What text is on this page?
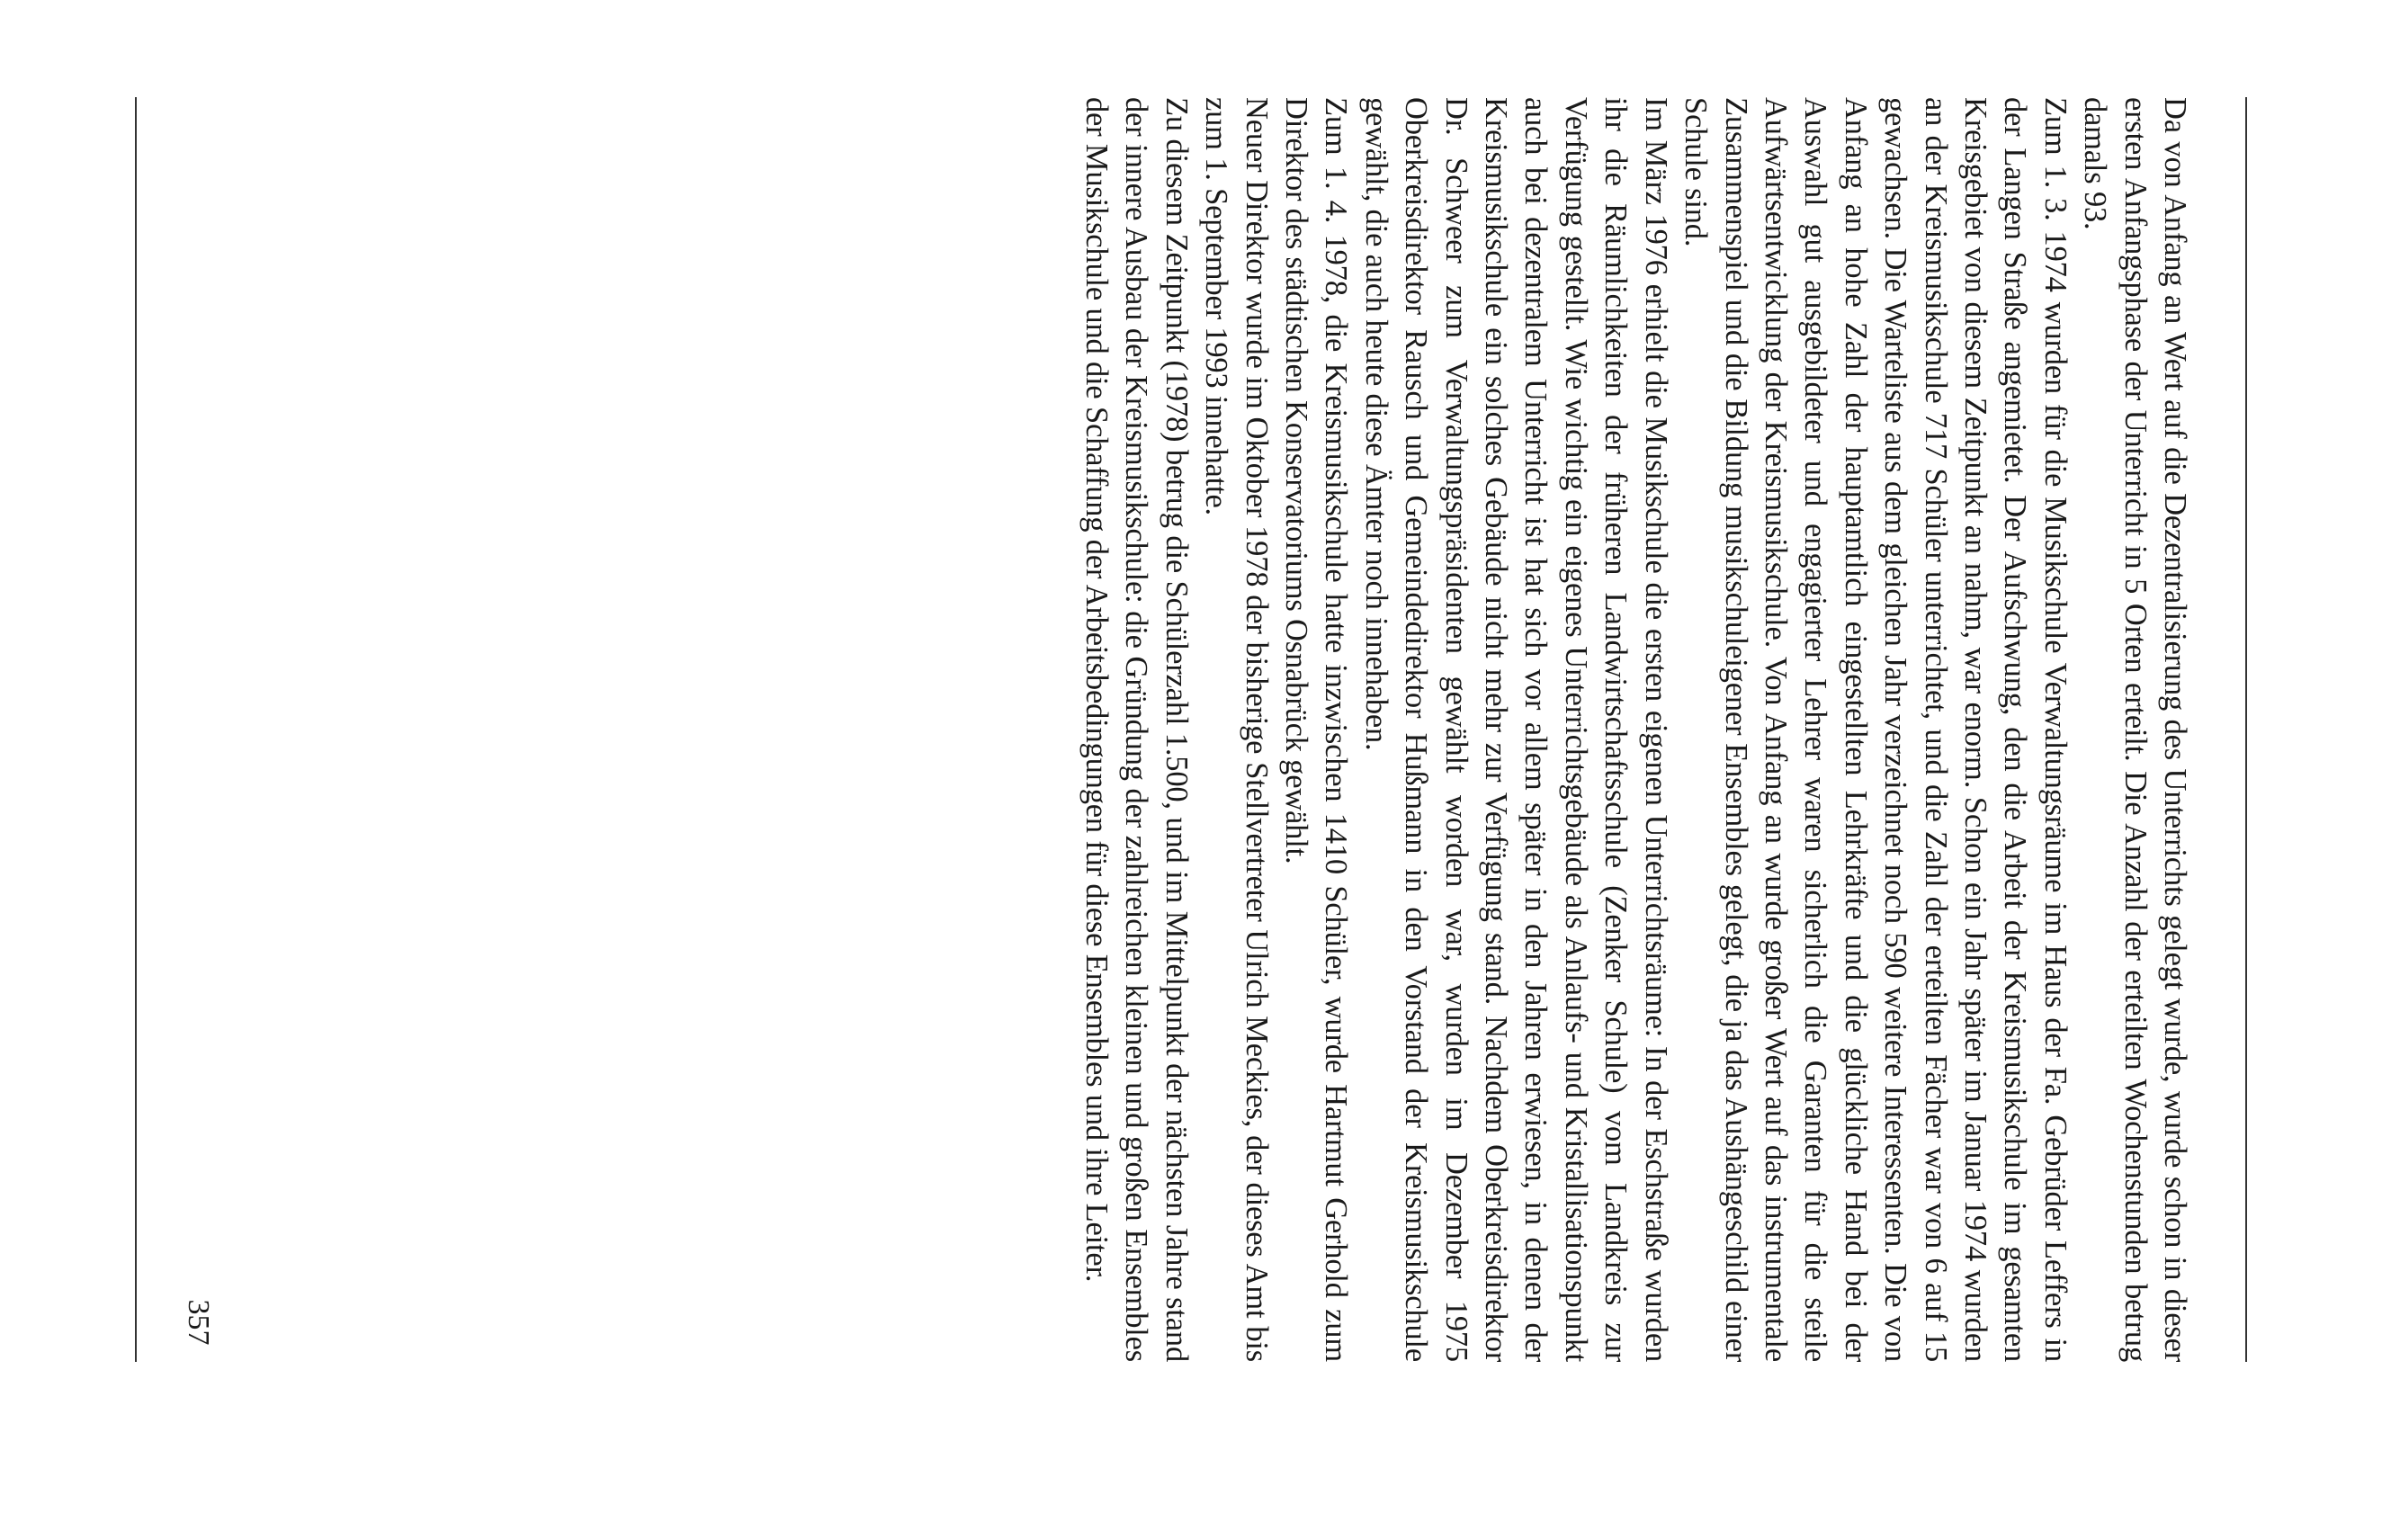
Da von Anfang an Wert auf die Dezentralisierung des Unterrichts gelegt wurde, wurde schon in dieser ersten Anfangsphase der Unterricht in 5 Orten erteilt. Die Anzahl der erteilten Wochenstunden betrug damals 93.

Zum 1. 3. 1974 wurden für die Musikschule Verwaltungsräume im Haus der Fa. Gebrüder Leffers in der Langen Straße angemietet. Der Aufschwung, den die Arbeit der Kreismusikschule im gesamten Kreisgebiet von diesem Zeitpunkt an nahm, war enorm. Schon ein Jahr später im Januar 1974 wurden an der Kreismusikschule 717 Schüler unterrichtet, und die Zahl der erteilten Fächer war von 6 auf 15 gewachsen. Die Warteliste aus dem gleichen Jahr verzeichnet noch 590 weitere Interessenten. Die von Anfang an hohe Zahl der hauptamtlich eingestellten Lehrkräfte und die glückliche Hand bei der Auswahl gut ausgebildeter und engagierter Lehrer waren sicherlich die Garanten für die steile Aufwärtsentwicklung der Kreismusikschule. Von Anfang an wurde großer Wert auf das instrumentale Zusammenspiel und die Bildung musikschuleigener Ensembles gelegt, die ja das Aushängeschild einer Schule sind.

Im März 1976 erhielt die Musikschule die ersten eigenen Unterrichtsräume: In der Eschstraße wurden ihr die Räumlichkeiten der früheren Landwirtschaftsschule (Zenker Schule) vom Landkreis zur Verfügung gestellt. Wie wichtig ein eigenes Unterrichtsgebäude als Anlaufs- und Kristallisationspunkt auch bei dezentralem Unterricht ist hat sich vor allem später in den Jahren erwiesen, in denen der Kreismusikschule ein solches Gebäude nicht mehr zur Verfügung stand. Nachdem Oberkreisdirektor Dr. Schweer zum Verwaltungspräsidenten gewählt worden war, wurden im Dezember 1975 Oberkreisdirektor Rausch und Gemeindedirektor Hußmann in den Vorstand der Kreismusikschule gewählt, die auch heute diese Ämter noch innehaben.

Zum 1. 4. 1978, die Kreismusikschule hatte inzwischen 1410 Schüler, wurde Hartmut Gerhold zum Direktor des städtischen Konservatoriums Osnabrück gewählt.

Neuer Direktor wurde im Oktober 1978 der bisherige Stellvertreter Ulrich Meckies, der dieses Amt bis zum 1. September 1993 innehatte.

Zu diesem Zeitpunkt (1978) betrug die Schülerzahl 1.500, und im Mittelpunkt der nächsten Jahre stand der innere Ausbau der Kreismusikschule: die Gründung der zahlreichen kleinen und großen Ensembles der Musikschule und die Schaffung der Arbeitsbedingungen für diese Ensembles und ihre Leiter.

357
